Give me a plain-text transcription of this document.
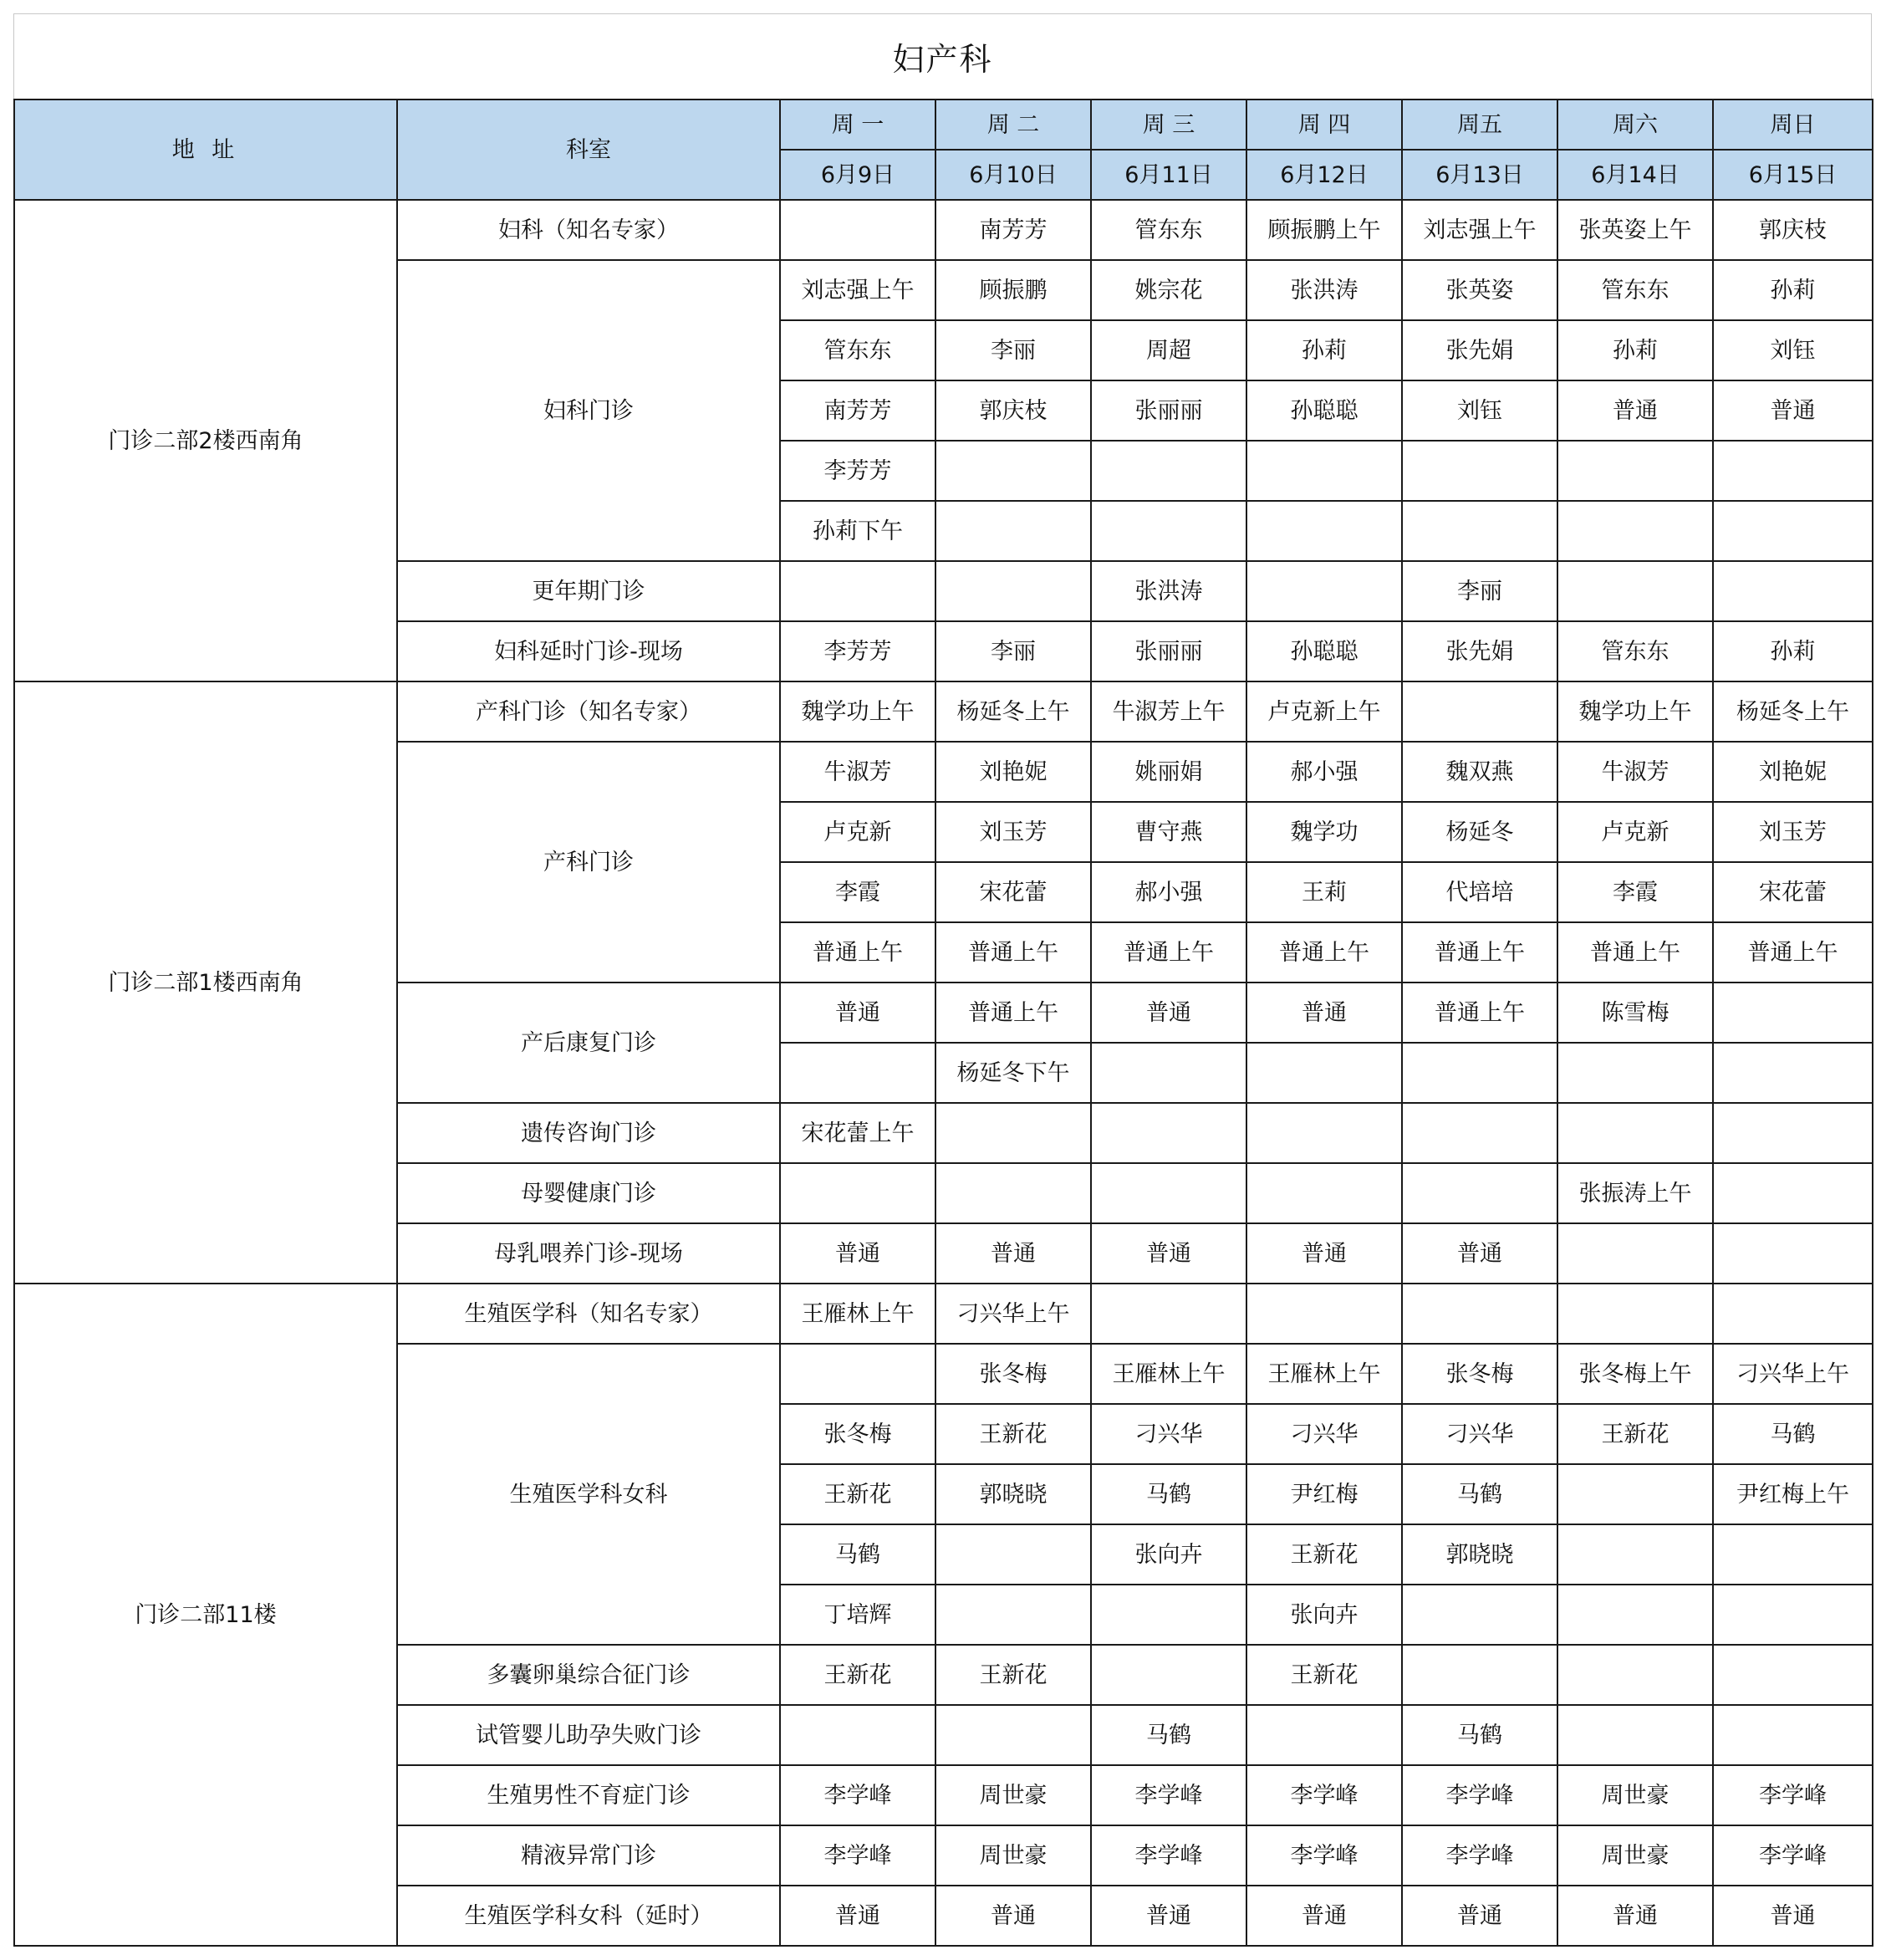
妇产科
地 址	科室	周 一	周 二	周 三	周 四	周五	周六	周日
		6月9日	6月10日	6月11日	6月12日	6月13日	6月14日	6月15日
门诊二部2楼西南角	妇科（知名专家）		南芳芳	管东东	顾振鹏上午	刘志强上午	张英姿上午	郭庆枝
	妇科门诊	刘志强上午	顾振鹏	姚宗花	张洪涛	张英姿	管东东	孙莉
		管东东	李丽	周超	孙莉	张先娟	孙莉	刘钰
		南芳芳	郭庆枝	张丽丽	孙聪聪	刘钰	普通	普通
		李芳芳						
		孙莉下午						
	更年期门诊			张洪涛		李丽		
	妇科延时门诊-现场	李芳芳	李丽	张丽丽	孙聪聪	张先娟	管东东	孙莉
门诊二部1楼西南角	产科门诊（知名专家）	魏学功上午	杨延冬上午	牛淑芳上午	卢克新上午		魏学功上午	杨延冬上午
	产科门诊	牛淑芳	刘艳妮	姚丽娟	郝小强	魏双燕	牛淑芳	刘艳妮
		卢克新	刘玉芳	曹守燕	魏学功	杨延冬	卢克新	刘玉芳
		李霞	宋花蕾	郝小强	王莉	代培培	李霞	宋花蕾
		普通上午	普通上午	普通上午	普通上午	普通上午	普通上午	普通上午
	产后康复门诊	普通	普通上午	普通	普通	普通上午	陈雪梅	
			杨延冬下午					
	遗传咨询门诊	宋花蕾上午						
	母婴健康门诊						张振涛上午	
	母乳喂养门诊-现场	普通	普通	普通	普通	普通		
门诊二部11楼	生殖医学科（知名专家）	王雁林上午	刁兴华上午					
	生殖医学科女科		张冬梅	王雁林上午	王雁林上午	张冬梅	张冬梅上午	刁兴华上午
		张冬梅	王新花	刁兴华	刁兴华	刁兴华	王新花	马鹤
		王新花	郭晓晓	马鹤	尹红梅	马鹤		尹红梅上午
		马鹤		张向卉	王新花	郭晓晓		
		丁培辉			张向卉			
	多囊卵巢综合征门诊	王新花	王新花		王新花			
	试管婴儿助孕失败门诊			马鹤		马鹤		
	生殖男性不育症门诊	李学峰	周世豪	李学峰	李学峰	李学峰	周世豪	李学峰
	精液异常门诊	李学峰	周世豪	李学峰	李学峰	李学峰	周世豪	李学峰
	生殖医学科女科（延时）	普通	普通	普通	普通	普通	普通	普通
